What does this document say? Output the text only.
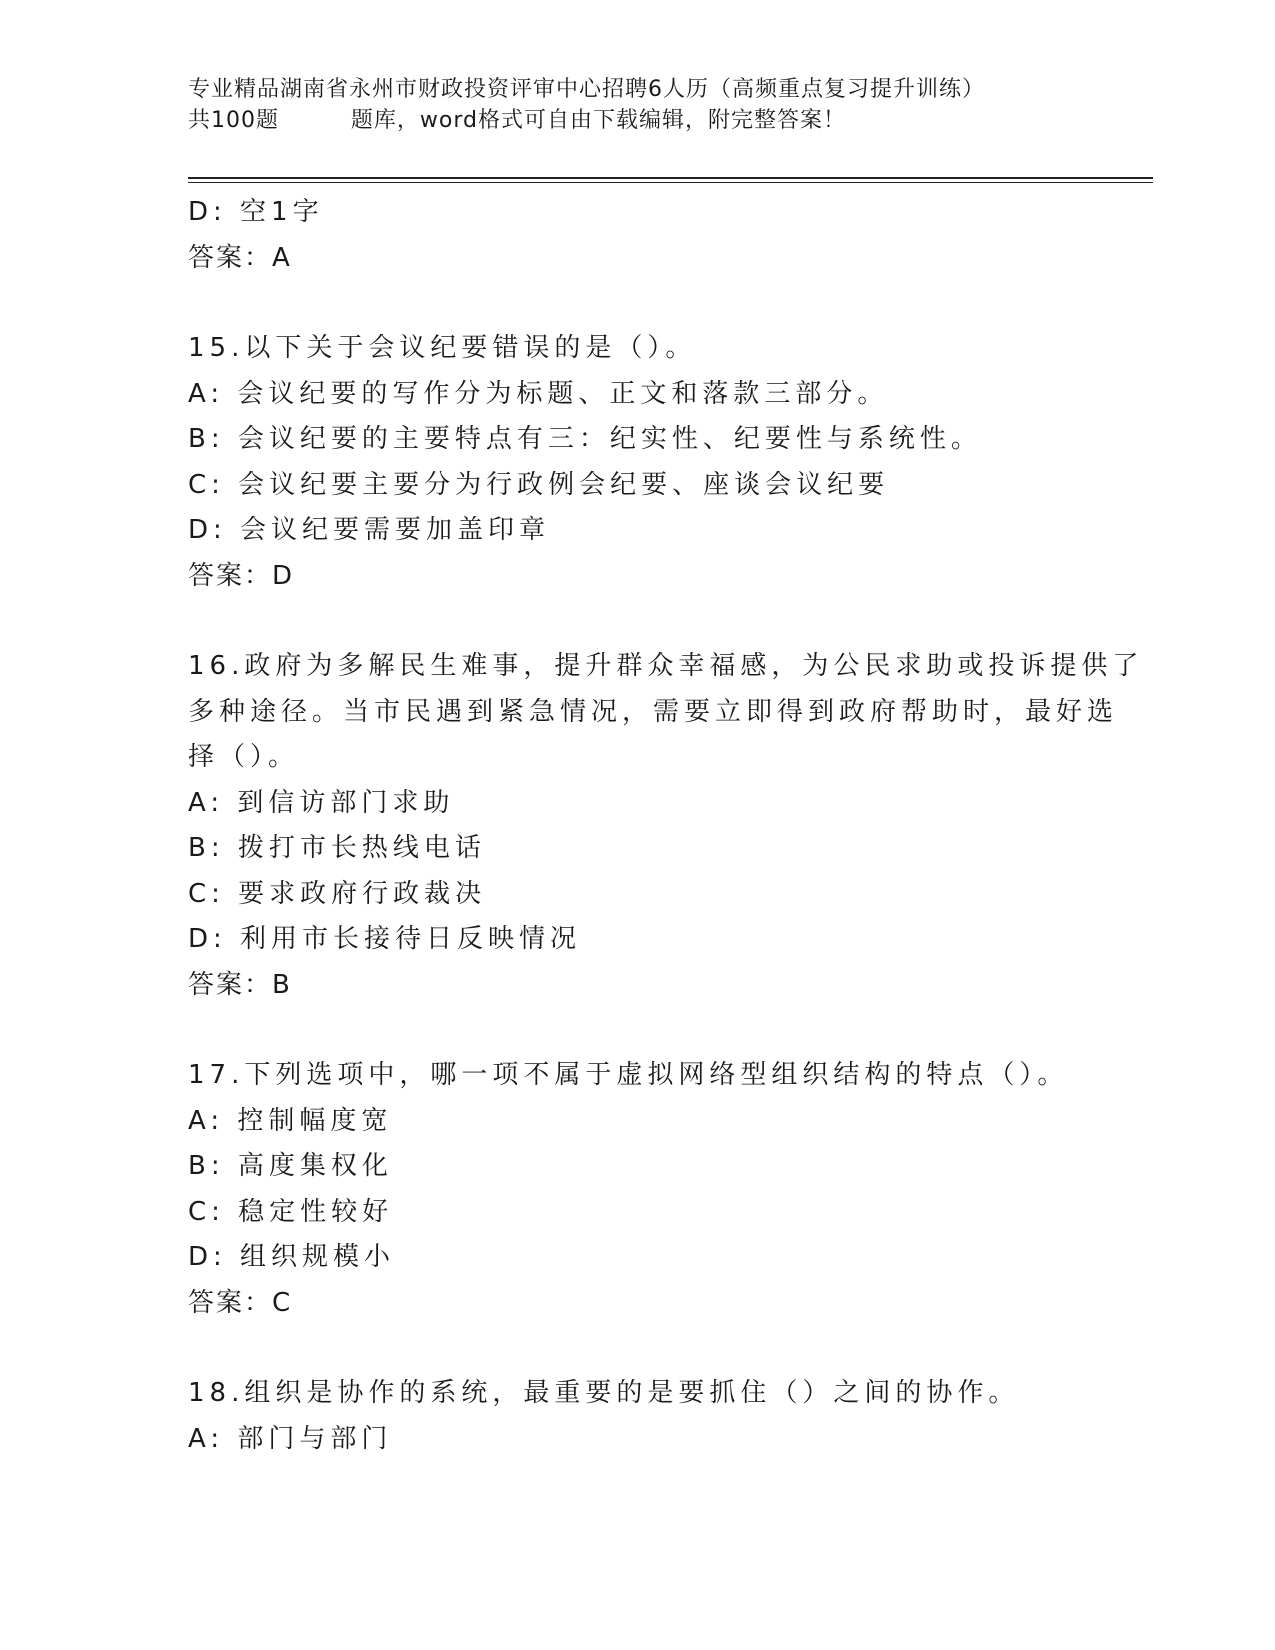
专业精品湖南省永州市财政投资评审中心招聘6人历（高频重点复习提升训练）
共100题         题库，word格式可自由下载编辑，附完整答案！
D: 空1字
答案：A
15.以下关于会议纪要错误的是（）。
A: 会议纪要的写作分为标题、正文和落款三部分。
B: 会议纪要的主要特点有三：纪实性、纪要性与系统性。
C: 会议纪要主要分为行政例会纪要、座谈会议纪要
D: 会议纪要需要加盖印章
答案：D
16.政府为多解民生难事，提升群众幸福感，为公民求助或投诉提供了
多种途径。当市民遇到紧急情况，需要立即得到政府帮助时，最好选
择（）。
A: 到信访部门求助
B: 拨打市长热线电话
C: 要求政府行政裁决
D: 利用市长接待日反映情况
答案：B
17.下列选项中，哪一项不属于虚拟网络型组织结构的特点（）。
A: 控制幅度宽
B: 高度集权化
C: 稳定性较好
D: 组织规模小
答案：C
18.组织是协作的系统，最重要的是要抓住（）之间的协作。
A: 部门与部门
